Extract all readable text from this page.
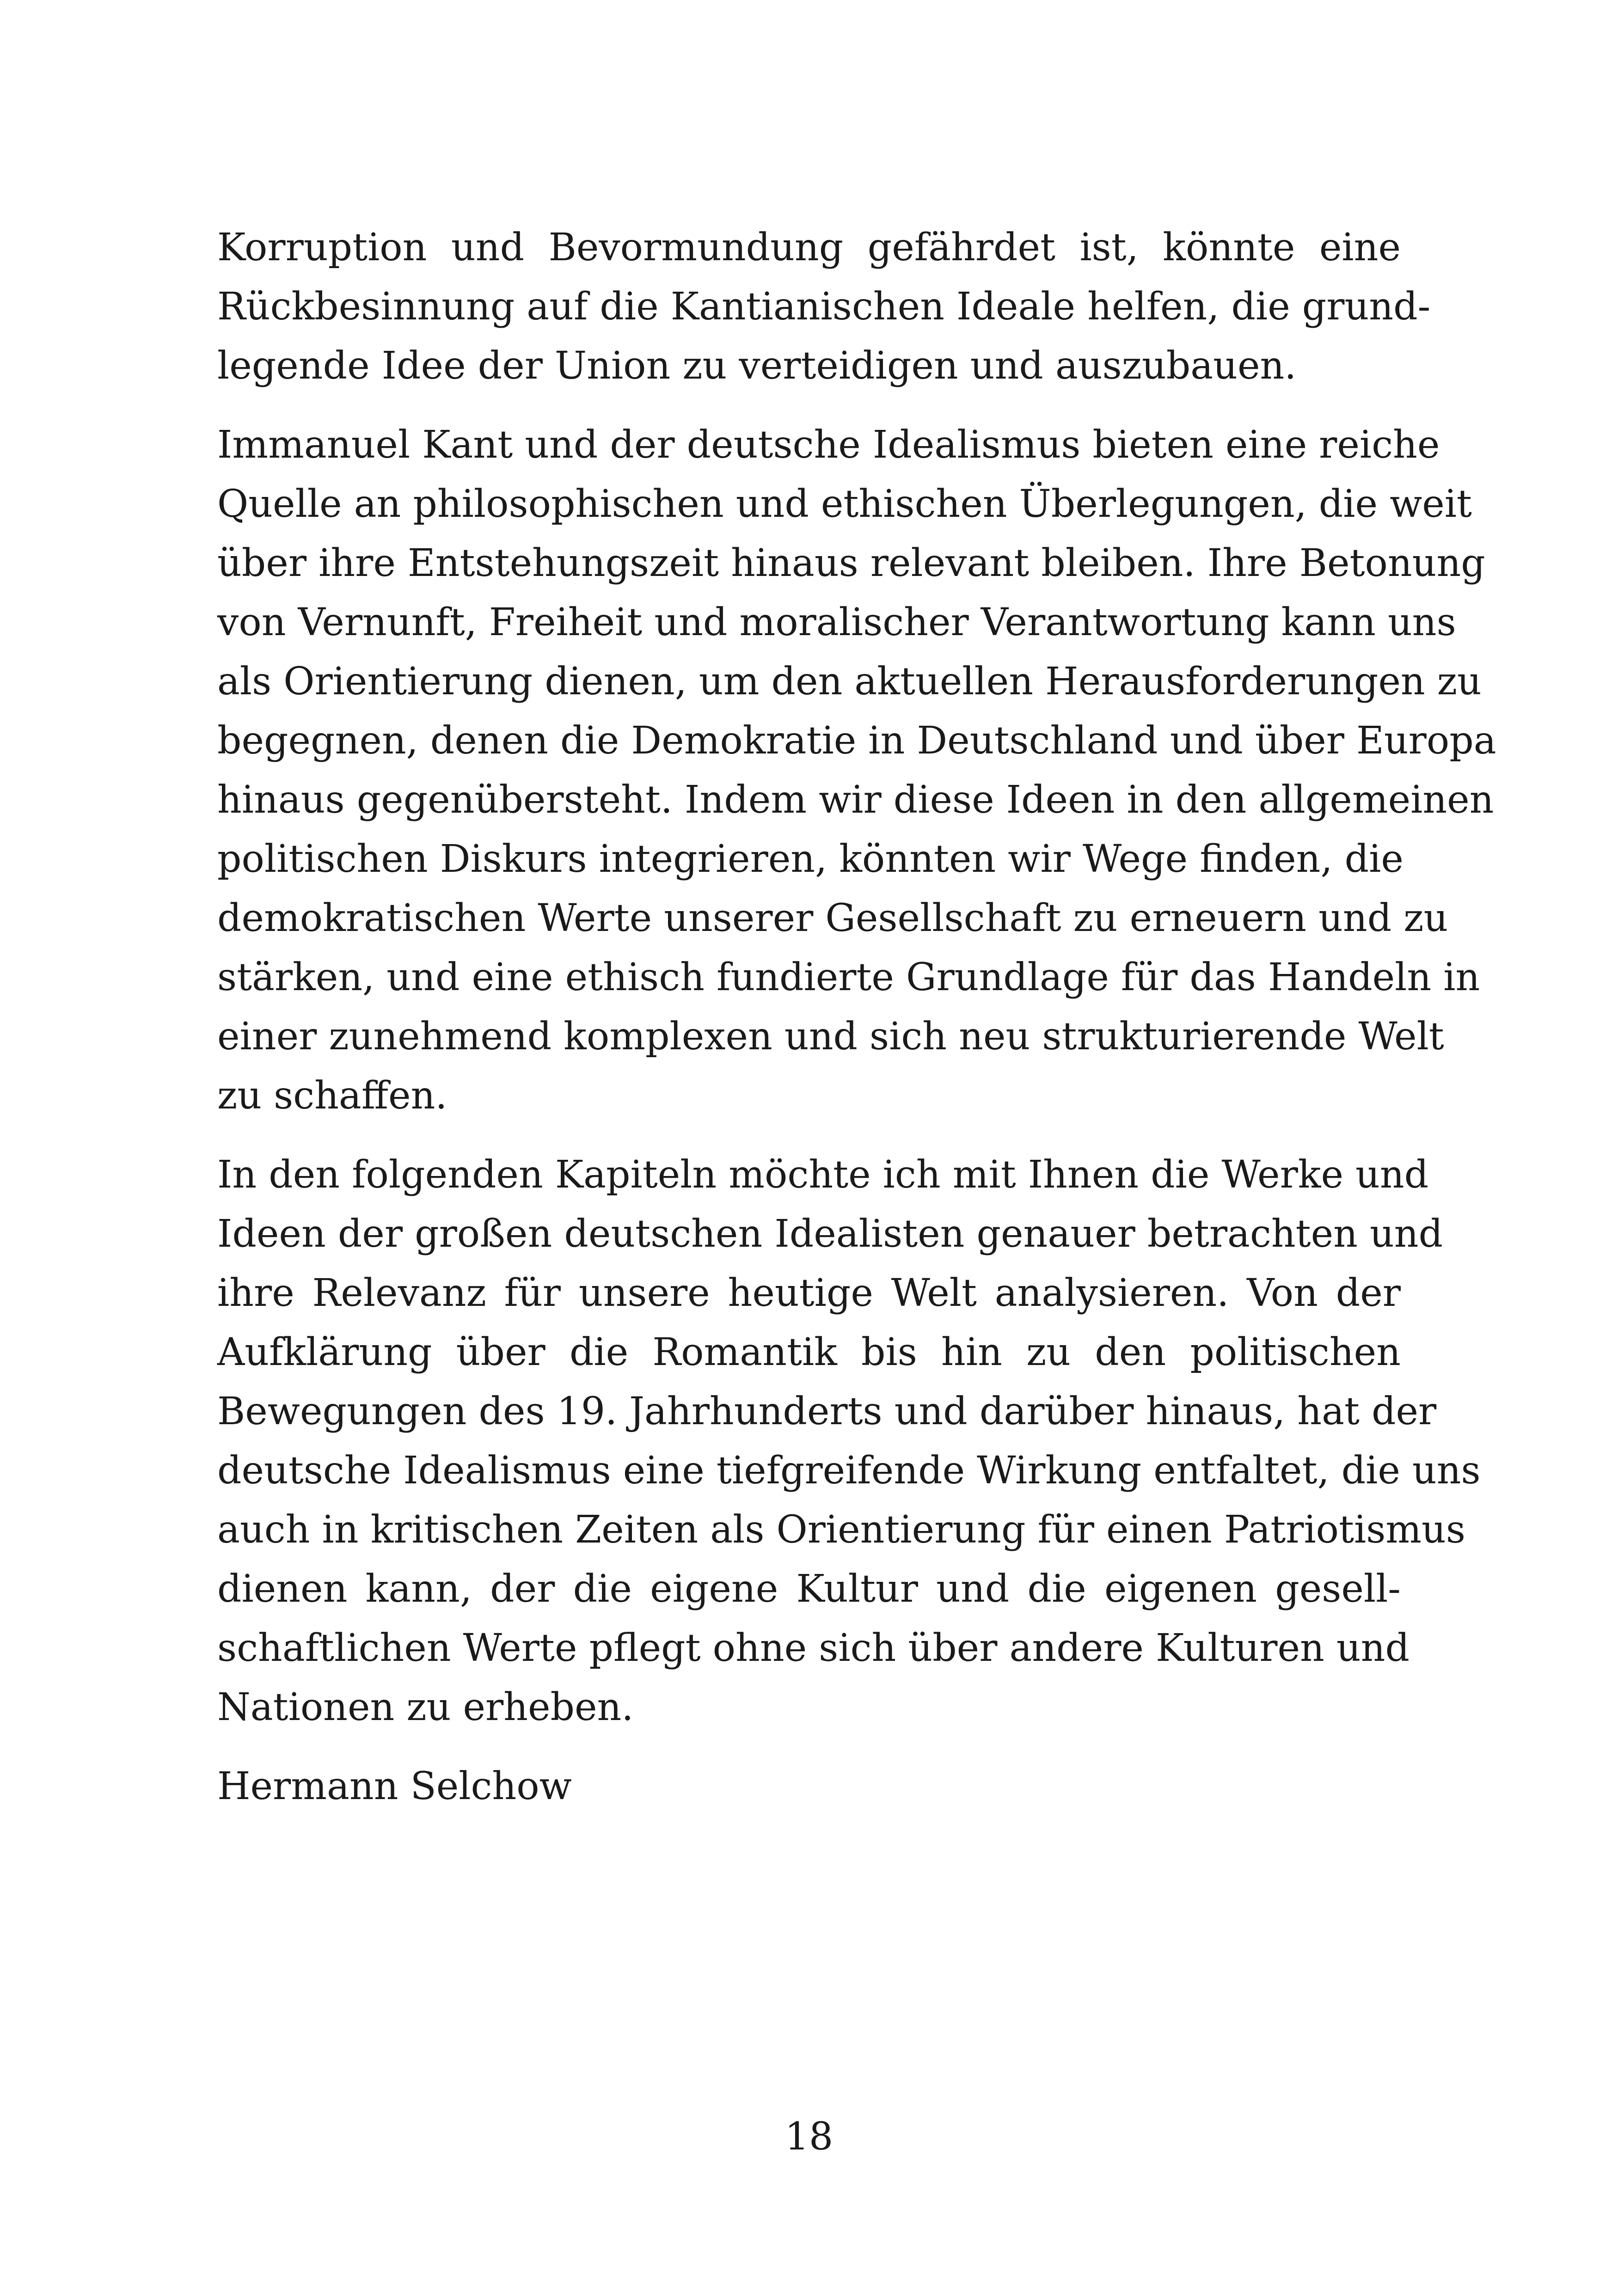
Korruption und Bevormundung gefährdet ist, könnte eine
Rückbesinnung auf die Kantianischen Ideale helfen, die grund-
legende Idee der Union zu verteidigen und auszubauen.

Immanuel Kant und der deutsche Idealismus bieten eine reiche
Quelle an philosophischen und ethischen Überlegungen, die weit
über ihre Entstehungszeit hinaus relevant bleiben. Ihre Betonung
von Vernunft, Freiheit und moralischer Verantwortung kann uns
als Orientierung dienen, um den aktuellen Herausforderungen zu
begegnen, denen die Demokratie in Deutschland und über Europa
hinaus gegenübersteht. Indem wir diese Ideen in den allgemeinen
politischen Diskurs integrieren, könnten wir Wege finden, die
demokratischen Werte unserer Gesellschaft zu erneuern und zu
stärken, und eine ethisch fundierte Grundlage für das Handeln in
einer zunehmend komplexen und sich neu strukturierende Welt
zu schaffen.

In den folgenden Kapiteln möchte ich mit Ihnen die Werke und
Ideen der großen deutschen Idealisten genauer betrachten und
ihre Relevanz für unsere heutige Welt analysieren. Von der
Aufklärung über die Romantik bis hin zu den politischen
Bewegungen des 19. Jahrhunderts und darüber hinaus, hat der
deutsche Idealismus eine tiefgreifende Wirkung entfaltet, die uns
auch in kritischen Zeiten als Orientierung für einen Patriotismus
dienen kann, der die eigene Kultur und die eigenen gesell-
schaftlichen Werte pflegt ohne sich über andere Kulturen und
Nationen zu erheben.

Hermann Selchow

18
